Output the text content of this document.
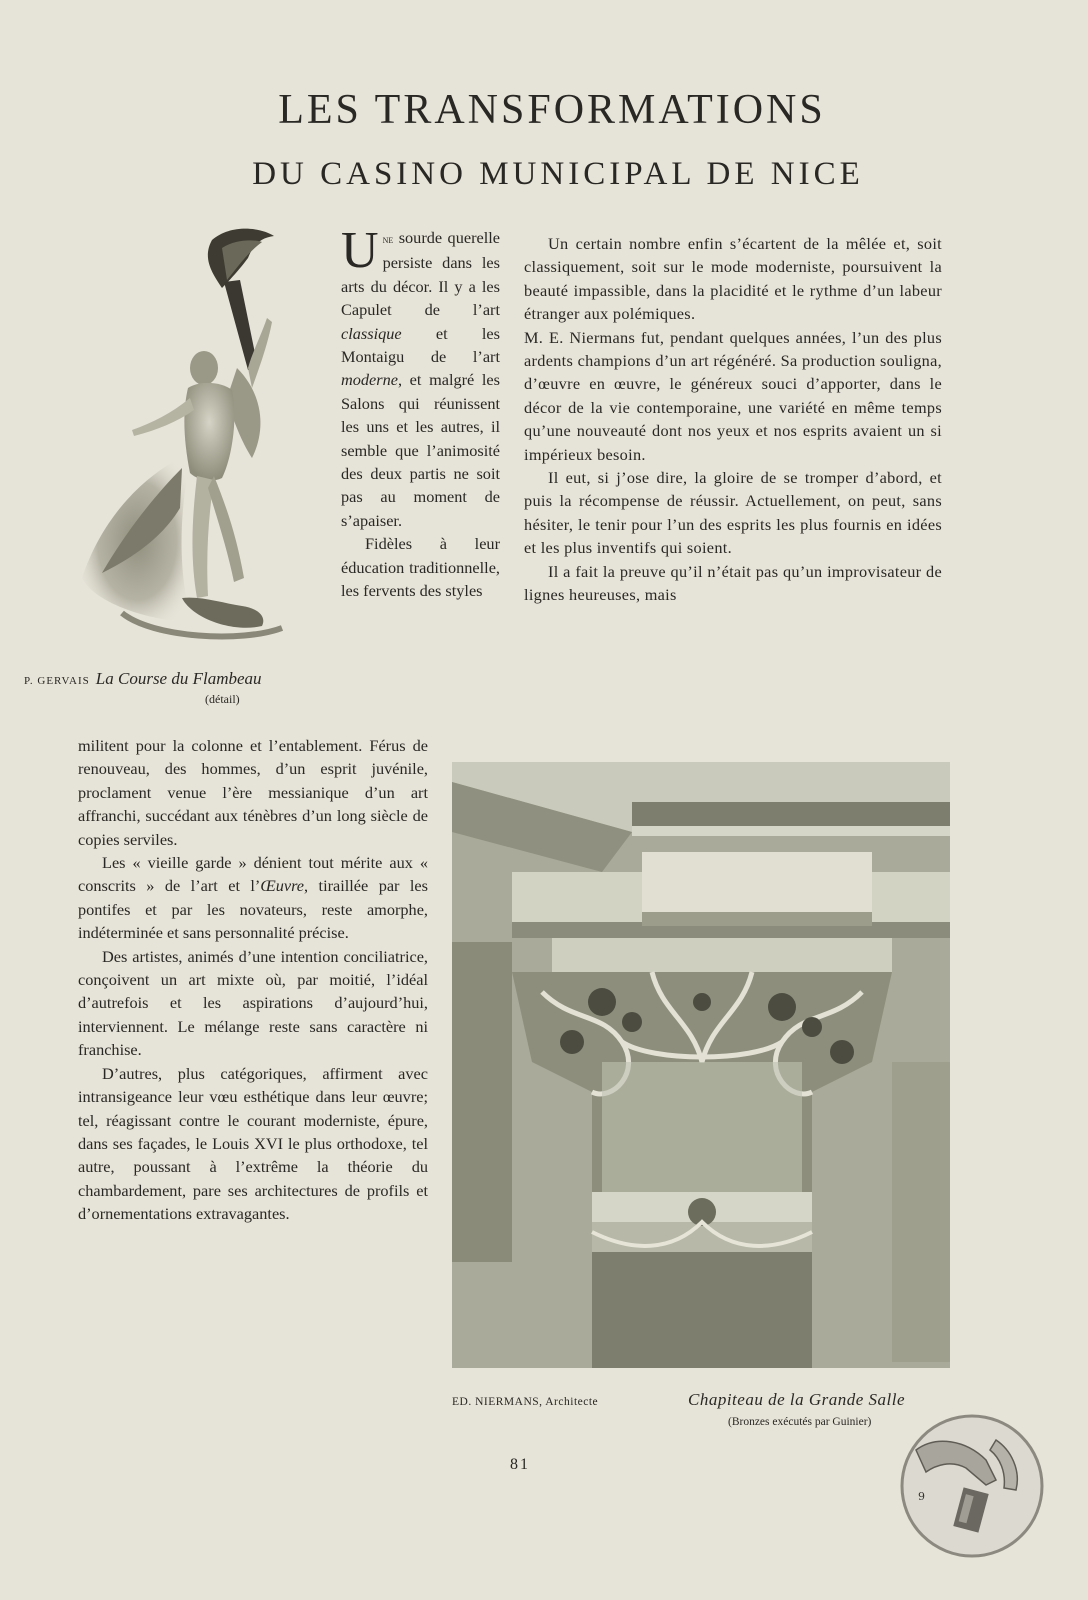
LES TRANSFORMATIONS
DU CASINO MUNICIPAL DE NICE
P. GERVAIS La Course du Flambeau
(détail)

Une sourde querelle persiste dans les arts du décor. Il y a les Capulet de l’art classique et les Montaigu de l’art moderne, et malgré les Salons qui réunissent les uns et les autres, il semble que l’animosité des deux partis ne soit pas au moment de s’apaiser.

Fidèles à leur éducation traditionnelle, les fervents des styles

Un certain nombre enfin s’écartent de la mêlée et, soit classiquement, soit sur le mode moderniste, poursuivent la beauté impassible, dans la placidité et le rythme d’un labeur étranger aux polémiques.

M. E. Niermans fut, pendant quelques années, l’un des plus ardents champions d’un art régénéré. Sa production souligna, d’œuvre en œuvre, le généreux souci d’apporter, dans le décor de la vie contemporaine, une variété en même temps qu’une nouveauté dont nos yeux et nos esprits avaient un si impérieux besoin.

Il eut, si j’ose dire, la gloire de se tromper d’abord, et puis la récompense de réussir. Actuellement, on peut, sans hésiter, le tenir pour l’un des esprits les plus fournis en idées et les plus inventifs qui soient.

Il a fait la preuve qu’il n’était pas qu’un improvisateur de lignes heureuses, mais

militent pour la colonne et l’entablement. Férus de renouveau, des hommes, d’un esprit juvénile, proclament venue l’ère messianique d’un art affranchi, succédant aux ténèbres d’un long siècle de copies serviles.

Les « vieille garde » dénient tout mérite aux « conscrits » de l’art et l’Œuvre, tiraillée par les pontifes et par les novateurs, reste amorphe, indéterminée et sans personnalité précise.

Des artistes, animés d’une intention conciliatrice, conçoivent un art mixte où, par moitié, l’idéal d’autrefois et les aspirations d’aujourd’hui, interviennent. Le mélange reste sans caractère ni franchise.

D’autres, plus catégoriques, affirment avec intransigeance leur vœu esthétique dans leur œuvre; tel, réagissant contre le courant moderniste, épure, dans ses façades, le Louis XVI le plus orthodoxe, tel autre, poussant à l’extrême la théorie du chambardement, pare ses architectures de profils et d’ornementations extravagantes.

ED. NIERMANS, Architecte	Chapiteau de la Grande Salle
(Bronzes exécutés par Guinier)
81
9
